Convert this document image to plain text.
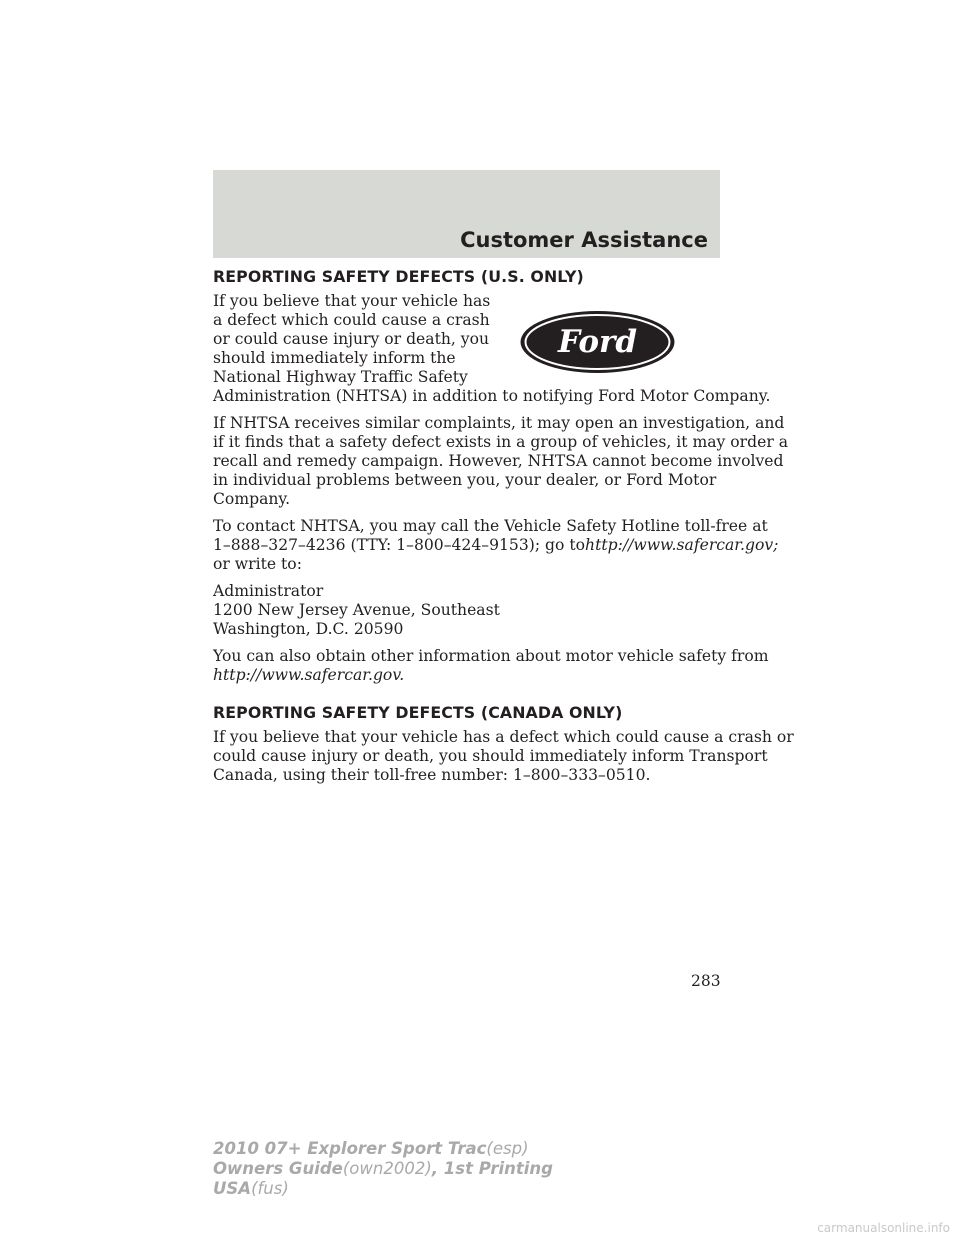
Customer Assistance
REPORTING SAFETY DEFECTS (U.S. ONLY)

If you believe that your vehicle has
a defect which could cause a crash
or could cause injury or death, you
should immediately inform the
National Highway Traffic Safety
Administration (NHTSA) in addition to notifying Ford Motor Company.

Ford

If NHTSA receives similar complaints, it may open an investigation, and
if it finds that a safety defect exists in a group of vehicles, it may order a
recall and remedy campaign. However, NHTSA cannot become involved
in individual problems between you, your dealer, or Ford Motor
Company.

To contact NHTSA, you may call the Vehicle Safety Hotline toll-free at
1–888–327–4236 (TTY: 1–800–424–9153); go tohttp://www.safercar.gov;
or write to:

Administrator
1200 New Jersey Avenue, Southeast
Washington, D.C. 20590

You can also obtain other information about motor vehicle safety from
http://www.safercar.gov.

REPORTING SAFETY DEFECTS (CANADA ONLY)

If you believe that your vehicle has a defect which could cause a crash or
could cause injury or death, you should immediately inform Transport
Canada, using their toll-free number: 1–800–333–0510.

283
2010 07+ Explorer Sport Trac(esp)
Owners Guide(own2002), 1st Printing
USA(fus)
carmanualsonline.info
